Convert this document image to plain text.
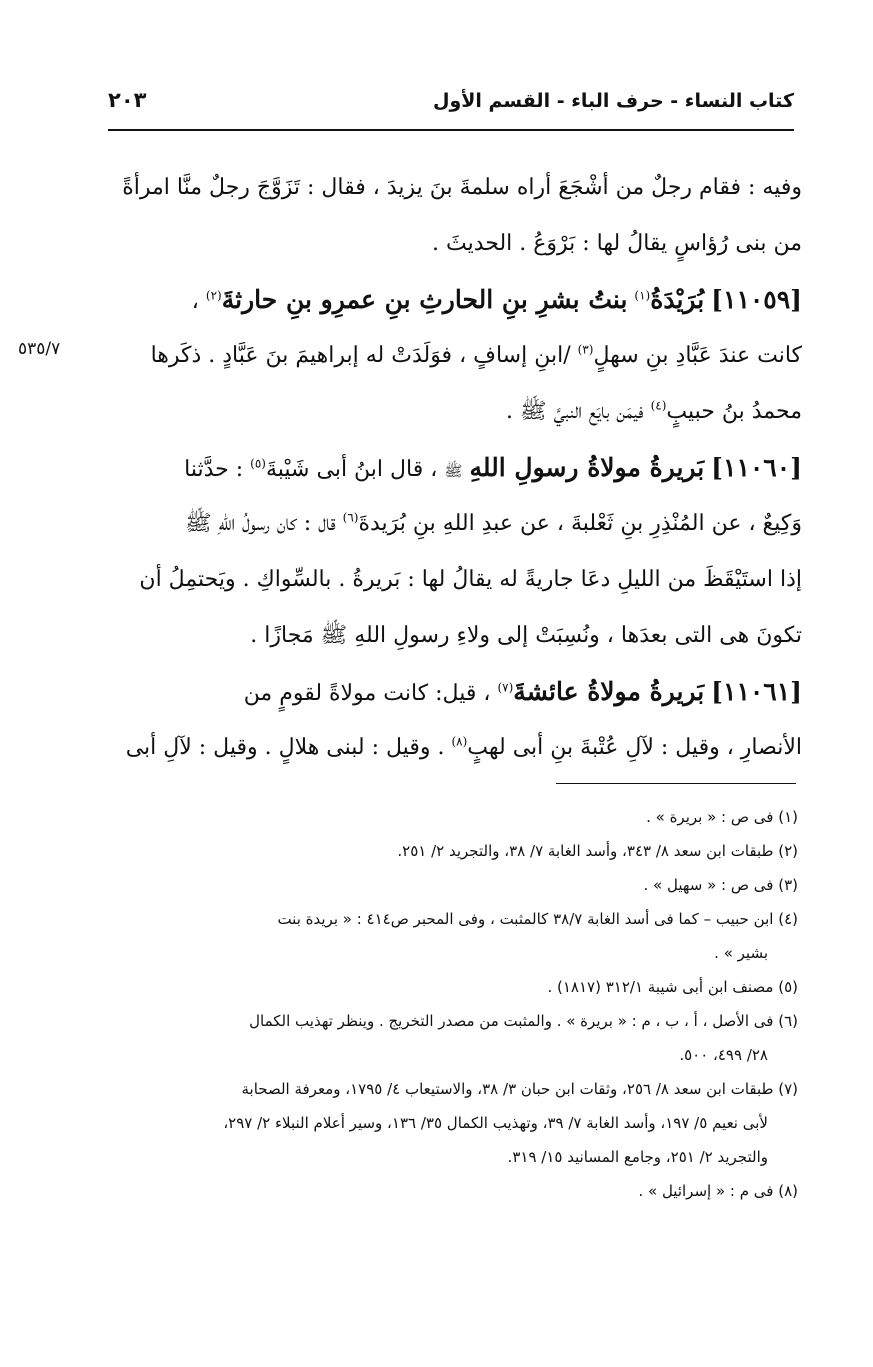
كتاب النساء - حرف الباء - القسم الأول
٢٠٣
٥٣٥/٧
وفيه : فقام رجلٌ من أشْجَعَ أراه سلمةَ بنَ يزيدَ ، فقال : تَزَوَّجَ رجلٌ منَّا امرأةً
من بنى رُؤاسٍ يقالُ لها : بَرْوَعُ . الحديثَ .
[١١٠٥٩] بُرَيْدَةُ$^{(١)}$ بنتُ بشرِ بنِ الحارثِ بنِ عمرِو بنِ حارثةَ$^{(٢)}$ ،
كانت عندَ عَبَّادِ بنِ سهلٍ$^{(٣)}$ /ابنِ إسافٍ ، فوَلَدَتْ له إبراهيمَ بنَ عَبَّادٍ . ذكَرها
محمدُ بنُ حبيبٍ$^{(٤)}$ فيمَن بايَع النبيَّ ﷺ .
[١١٠٦٠] بَريرةُ مولاةُ رسولِ اللهِ ﷺ ، قال ابنُ أبى شَيْبةَ$^{(٥)}$ : حدَّثنا
وَكِيعٌ ، عن المُنْذِرِ بنِ ثَعْلبةَ ، عن عبدِ اللهِ بنِ بُرَيدةَ$^{(٦)}$ قال : كان رسولُ اللهِ ﷺ
إذا استَيْقَظَ من الليلِ دعَا جاريةً له يقالُ لها : بَريرةُ . بالسِّواكِ . ويَحتمِلُ أن
تكونَ هى التى بعدَها ، ونُسِبَتْ إلى ولاءِ رسولِ اللهِ ﷺ مَجازًا .
[١١٠٦١] بَريرةُ مولاةُ عائشةَ$^{(٧)}$ ، قيل: كانت مولاةً لقومٍ من
الأنصارِ ، وقيل : لآلِ عُتْبةَ بنِ أبى لهبٍ$^{(٨)}$ . وقيل : لبنى هلالٍ . وقيل : لآلِ أبى
(١) فى ص : « بريرة » .
(٢) طبقات ابن سعد ٨/ ٣٤٣، وأسد الغابة ٧/ ٣٨، والتجريد ٢/ ٢٥١.
(٣) فى ص : « سهيل » .
(٤) ابن حبيب – كما فى أسد الغابة ٣٨/٧ كالمثبت ، وفى المحبر ص٤١٤ : « بريدة بنت
بشير » .
(٥) مصنف ابن أبى شيبة ٣١٢/١ (١٨١٧) .
(٦) فى الأصل ، أ ، ب ، م : « بريرة » . والمثبت من مصدر التخريج . وينظر تهذيب الكمال
٢٨/ ٤٩٩، ٥٠٠.
(٧) طبقات ابن سعد ٨/ ٢٥٦، وثقات ابن حبان ٣/ ٣٨، والاستيعاب ٤/ ١٧٩٥، ومعرفة الصحابة
لأبى نعيم ٥/ ١٩٧، وأسد الغابة ٧/ ٣٩، وتهذيب الكمال ٣٥/ ١٣٦، وسير أعلام النبلاء ٢/ ٢٩٧،
والتجريد ٢/ ٢٥١، وجامع المسانيد ١٥/ ٣١٩.
(٨) فى م : « إسرائيل » .
